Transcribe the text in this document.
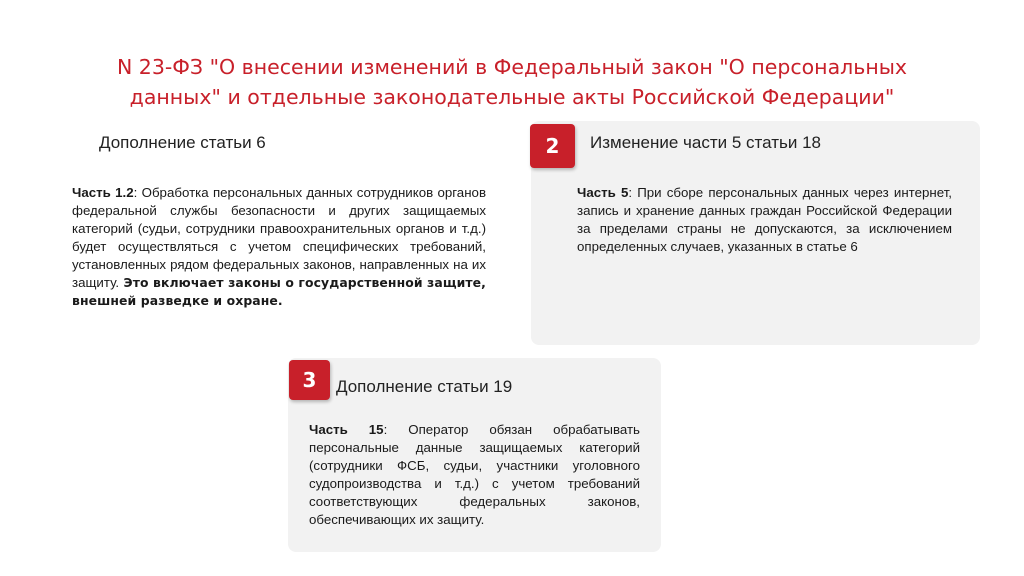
N 23-ФЗ "О внесении изменений в Федеральный закон "О персональных
данных" и отдельные законодательные акты Российской Федерации"
Дополнение статьи 6
Часть 1.2: Обработка персональных данных сотрудников органов федеральной службы безопасности и других защищаемых категорий (судьи, сотрудники правоохранительных органов и т.д.) будет осуществляться с учетом специфических требований, установленных рядом федеральных законов, направленных на их защиту. Это включает законы о государственной защите, внешней разведке и охране.
2	Изменение части 5 статьи 18
Часть 5: При сборе персональных данных через интернет, запись и хранение данных граждан Российской Федерации за пределами страны не допускаются, за исключением определенных случаев, указанных в статье 6
3	Дополнение статьи 19
Часть 15: Оператор обязан обрабатывать персональные данные защищаемых категорий (сотрудники ФСБ, судьи, участники уголовного судопроизводства и т.д.) с учетом требований соответствующих федеральных законов, обеспечивающих их защиту.
